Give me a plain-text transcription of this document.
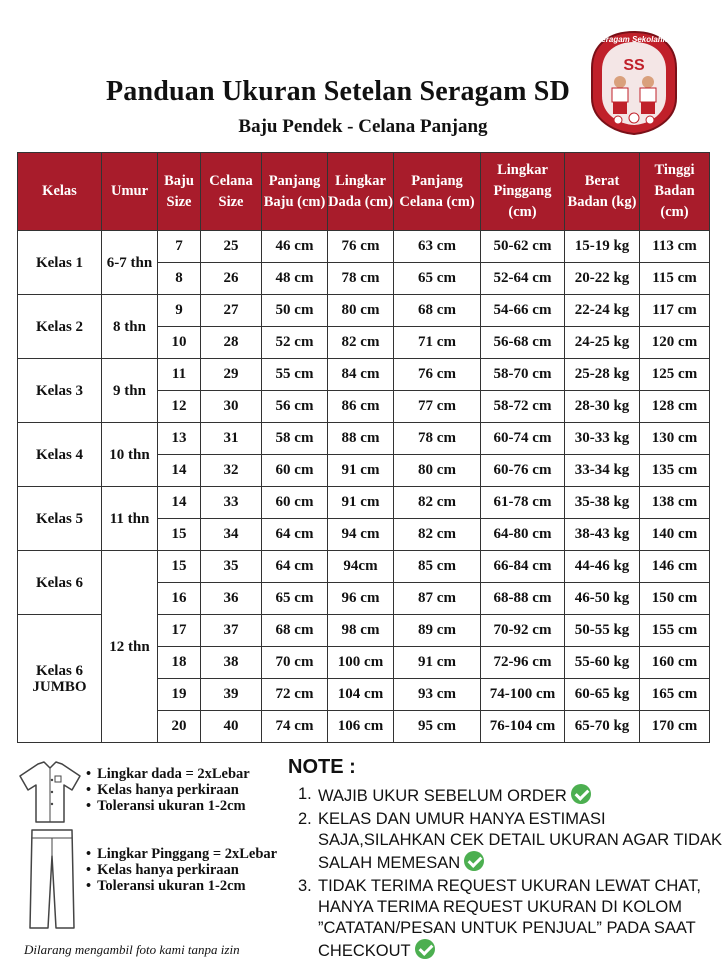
Panduan Ukuran Setelan Seragam SD
Baju Pendek - Celana Panjang
Seragam Sekolahku
SS
Kelas	Umur	Baju Size	Celana Size	Panjang Baju (cm)	Lingkar Dada (cm)	Panjang Celana (cm)	Lingkar Pinggang (cm)	Berat Badan (kg)	Tinggi Badan (cm)
Kelas 1	6-7 thn	7	25	46 cm	76 cm	63 cm	50-62 cm	15-19 kg	113 cm
		8	26	48 cm	78 cm	65 cm	52-64 cm	20-22 kg	115 cm
Kelas 2	8 thn	9	27	50 cm	80 cm	68 cm	54-66 cm	22-24 kg	117 cm
		10	28	52 cm	82 cm	71 cm	56-68 cm	24-25 kg	120 cm
Kelas 3	9 thn	11	29	55 cm	84 cm	76 cm	58-70 cm	25-28 kg	125 cm
		12	30	56 cm	86 cm	77 cm	58-72 cm	28-30 kg	128 cm
Kelas 4	10 thn	13	31	58 cm	88 cm	78 cm	60-74 cm	30-33 kg	130 cm
		14	32	60 cm	91 cm	80 cm	60-76 cm	33-34 kg	135 cm
Kelas 5	11 thn	14	33	60 cm	91 cm	82 cm	61-78 cm	35-38 kg	138 cm
		15	34	64 cm	94 cm	82 cm	64-80 cm	38-43 kg	140 cm
Kelas 6	12 thn	15	35	64 cm	94cm	85 cm	66-84 cm	44-46 kg	146 cm
		16	36	65 cm	96 cm	87 cm	68-88 cm	46-50 kg	150 cm
Kelas 6 JUMBO		17	37	68 cm	98 cm	89 cm	70-92 cm	50-55 kg	155 cm
		18	38	70 cm	100 cm	91 cm	72-96 cm	55-60 kg	160 cm
		19	39	72 cm	104 cm	93 cm	74-100 cm	60-65 kg	165 cm
		20	40	74 cm	106 cm	95 cm	76-104 cm	65-70 kg	170 cm
• Lingkar dada = 2xLebar
• Kelas hanya perkiraan
• Toleransi ukuran 1-2cm
• Lingkar Pinggang = 2xLebar
• Kelas hanya perkiraan
• Toleransi ukuran 1-2cm
NOTE :
1. WAJIB UKUR SEBELUM ORDER
2. KELAS DAN UMUR HANYA ESTIMASI SAJA,SILAHKAN CEK DETAIL UKURAN AGAR TIDAK SALAH MEMESAN
3. TIDAK TERIMA REQUEST UKURAN LEWAT CHAT, HANYA TERIMA REQUEST UKURAN DI KOLOM ”CATATAN/PESAN UNTUK PENJUAL” PADA SAAT CHECKOUT
Dilarang mengambil foto kami tanpa izin
